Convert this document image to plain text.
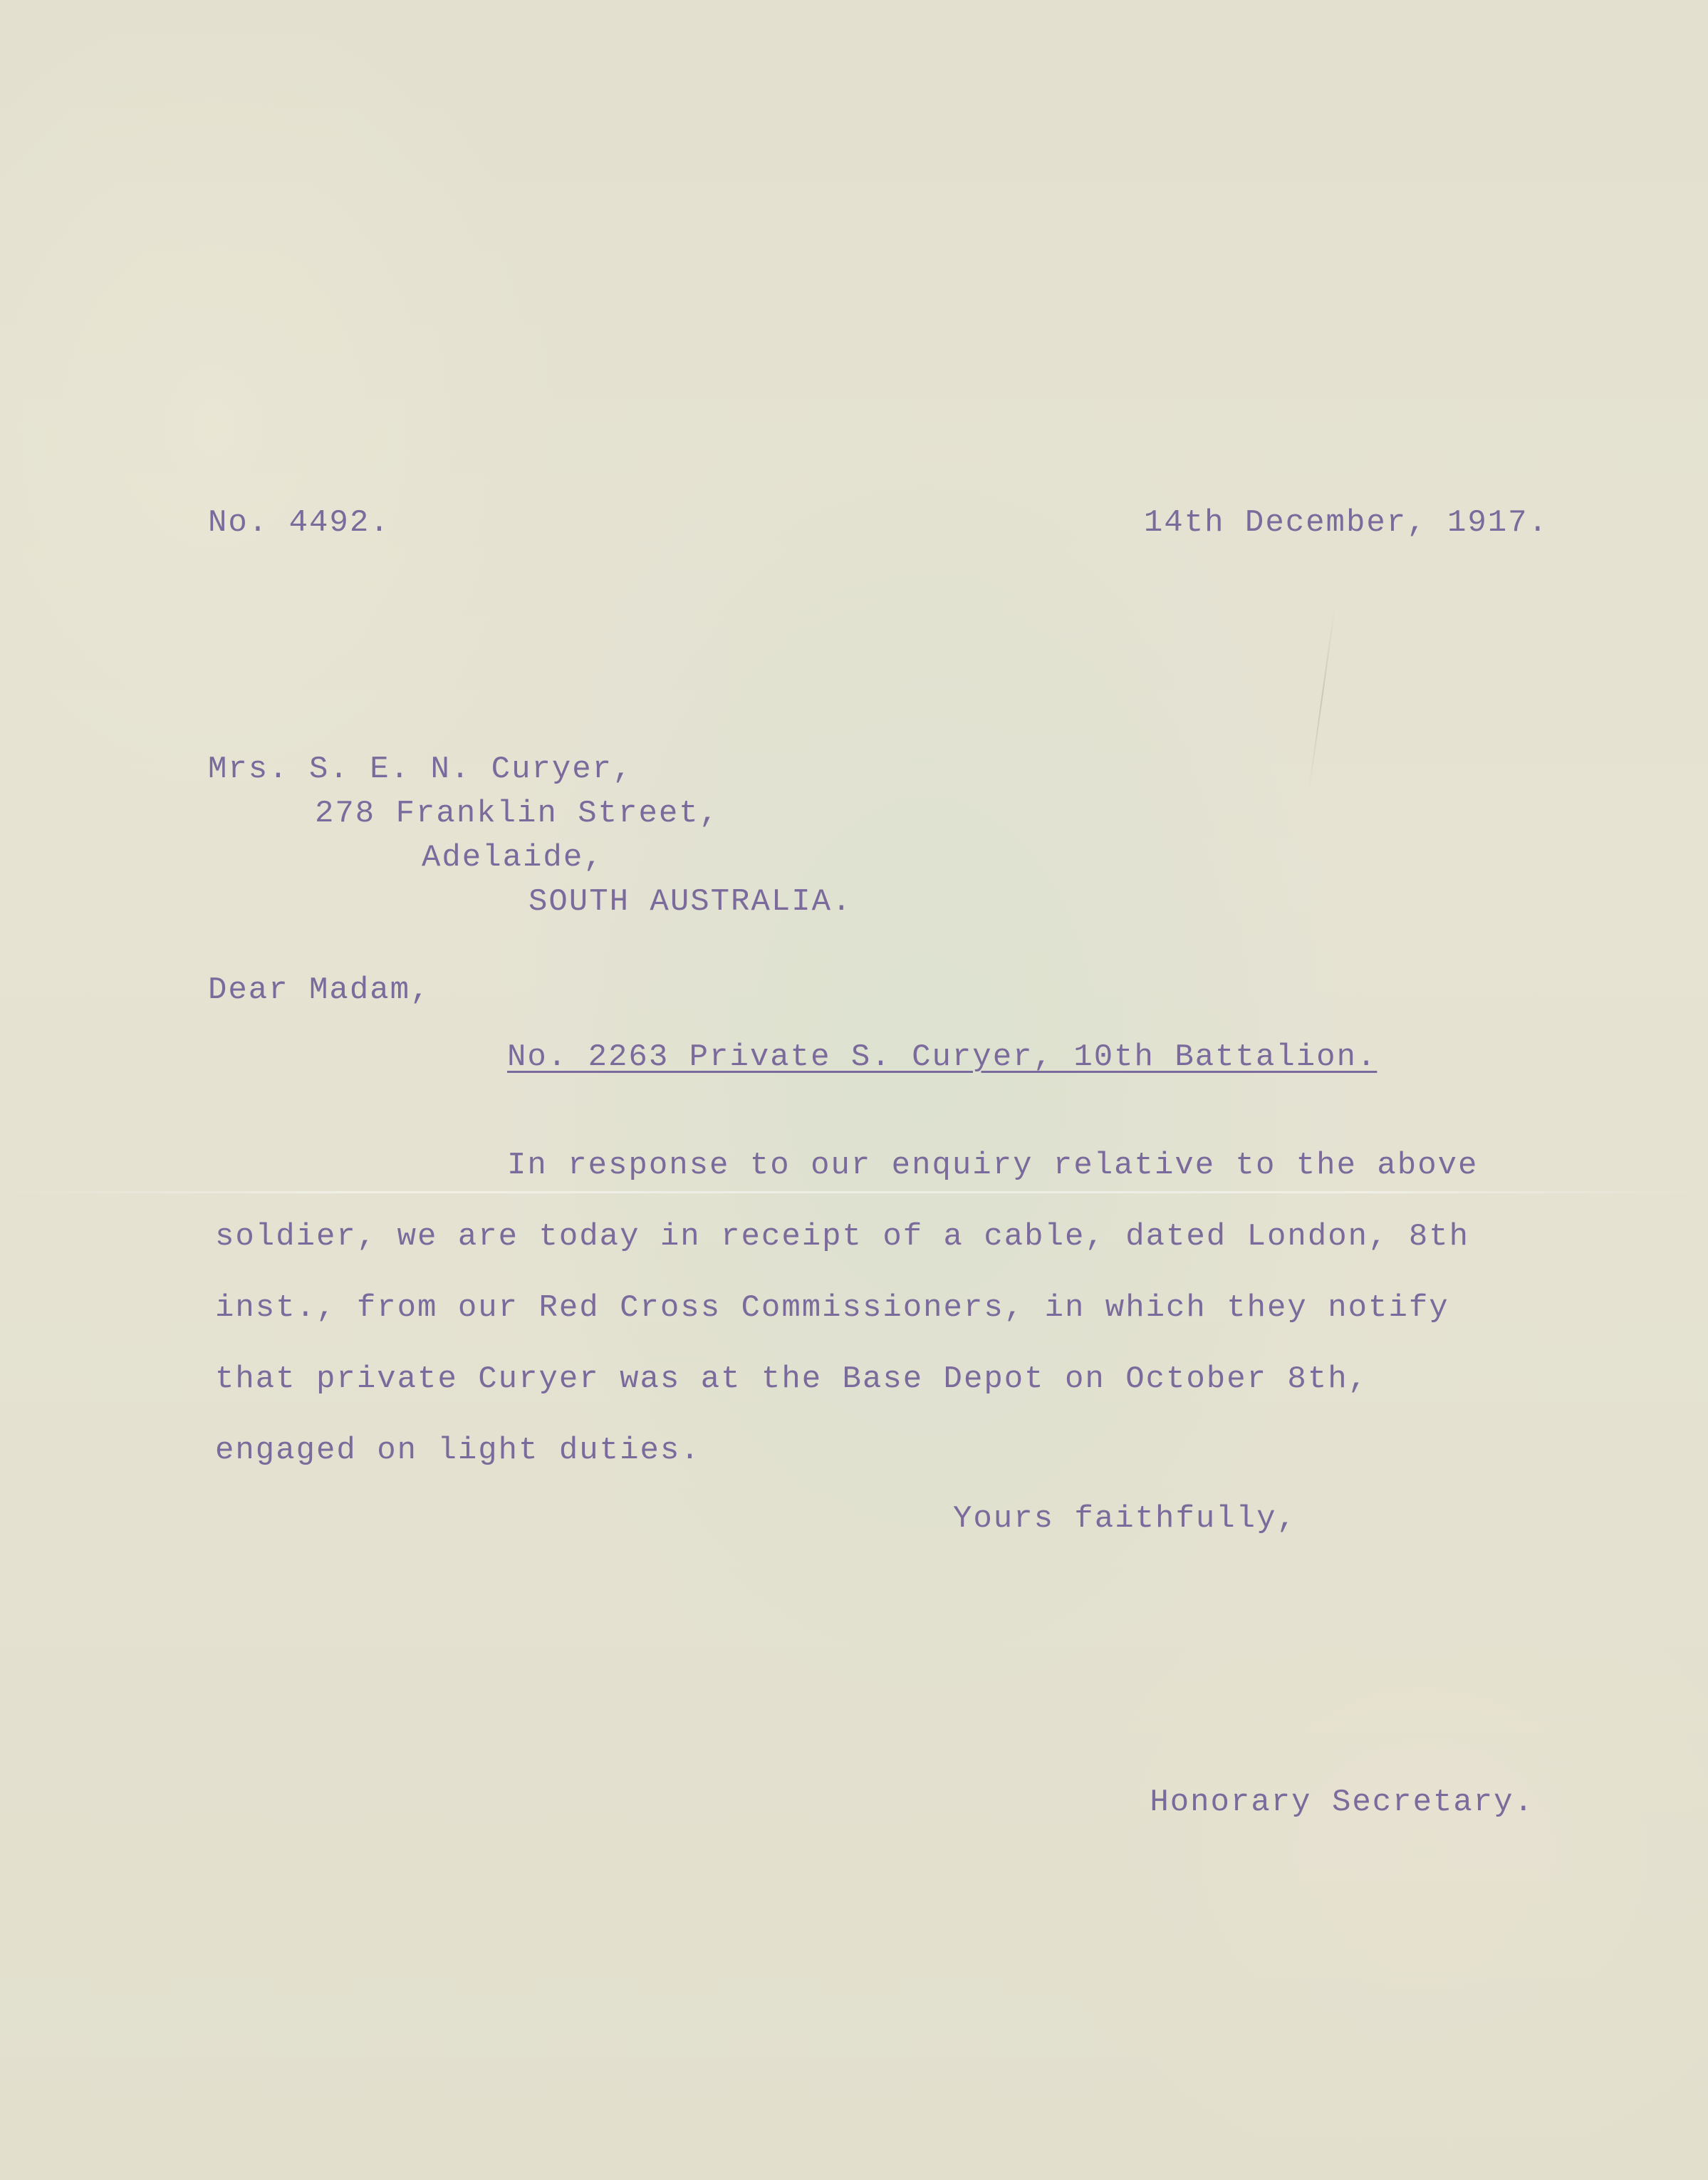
No. 4492.	14th December, 1917.
Mrs. S. E. N. Curyer,
278 Franklin Street,
Adelaide,
SOUTH AUSTRALIA.
Dear Madam,
No. 2263 Private S. Curyer, 10th Battalion.
In response to our enquiry relative to the above
soldier, we are today in receipt of a cable, dated London, 8th
inst., from our Red Cross Commissioners, in which they notify
that private Curyer was at the Base Depot on October 8th,
engaged on light duties.
Yours faithfully,
Honorary Secretary.
